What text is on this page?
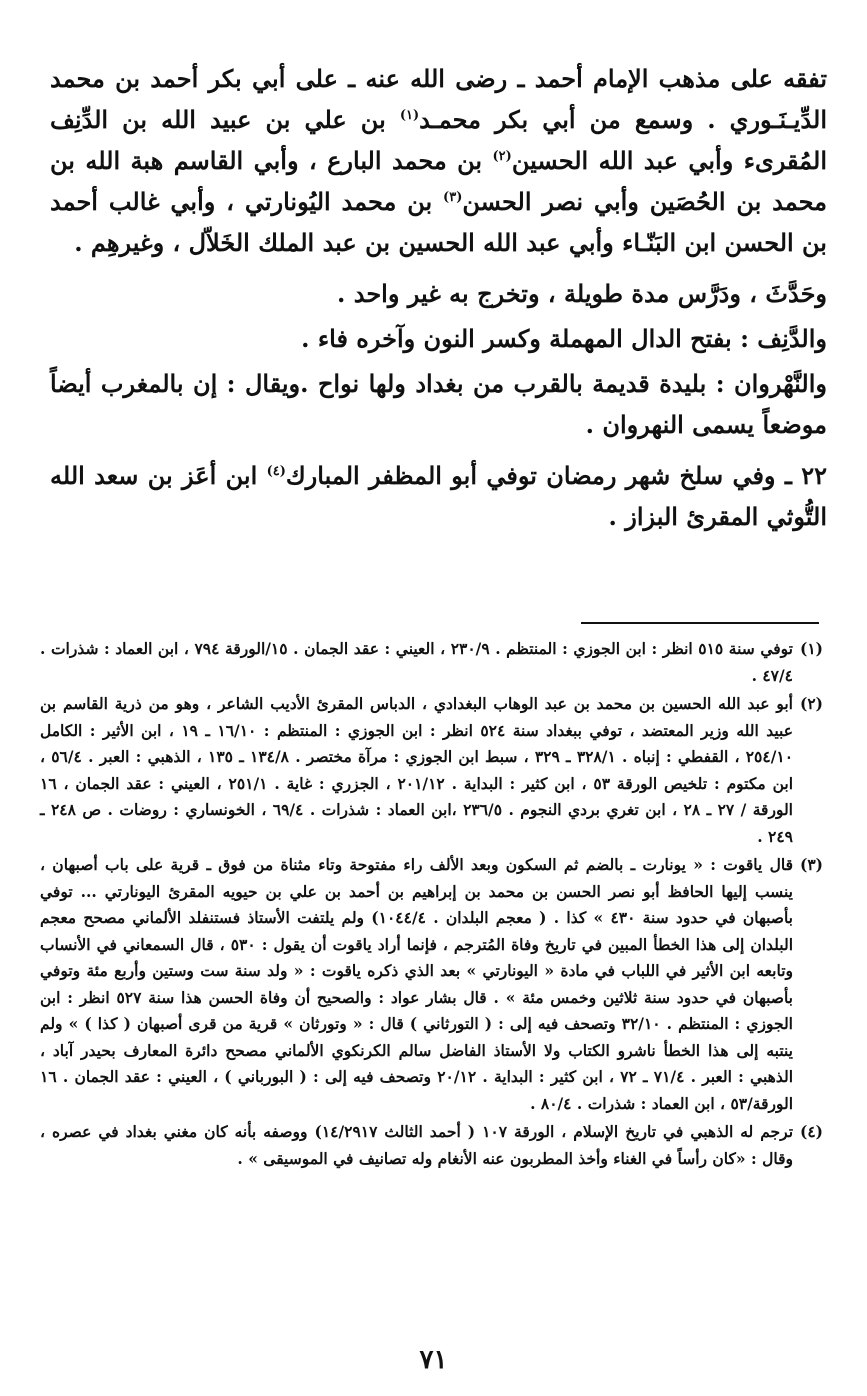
تفقه على مذهب الإمام أحمد ـ رضى الله عنه ـ على أبي بكر أحمد بن محمد الدِّيـنَـوري . وسمع من أبي بكر محمـد$^{(١)}$ بن علي بن عبيد الله بن الدِّنِف المُقرىء وأبي عبد الله الحسين$^{(٢)}$ بن محمد البارع ، وأبي القاسم هبة الله بن محمد بن الحُصَين وأبي نصر الحسن$^{(٣)}$ بن محمد اليُونارتي ، وأبي غالب أحمد بن الحسن ابن البَنّـاء وأبي عبد الله الحسين بن عبد الملك الخَلاّل ، وغيرهِم .

وحَدَّثَ ، ودَرَّس مدة طويلة ، وتخرج به غير واحد .

والدَّنِف : بفتح الدال المهملة وكسر النون وآخره فاء .

والنَّهْروان : بليدة قديمة بالقرب من بغداد ولها نواح .ويقال : إن بالمغرب أيضاً موضعاً يسمى النهروان .

٢٢ ـ وفي سلخ شهر رمضان توفي أبو المظفر المبارك$^{(٤)}$ ابن أعَز بن سعد الله التُّوثي المقرئ البزاز .

(١)
توفي سنة ٥١٥ انظر : ابن الجوزي : المنتظم . ٢٣٠/٩ ، العيني : عقد الجمان . ١٥/الورقة ٧٩٤ ، ابن العماد : شذرات . ٤٧/٤ .
(٢)
أبو عبد الله الحسين بن محمد بن عبد الوهاب البغدادي ، الدباس المقرئ الأديب الشاعر ، وهو من ذرية القاسم بن عبيد الله وزير المعتضد ، توفي ببغداد سنة ٥٢٤ انظر : ابن الجوزي : المنتظم : ١٦/١٠ ـ ١٩ ، ابن الأثير : الكامل ٢٥٤/١٠ ، القفطي : إنباه . ٣٢٨/١ ـ ٣٢٩ ، سبط ابن الجوزي : مرآة مختصر . ١٣٤/٨ ـ ١٣٥ ، الذهبي : العبر . ٥٦/٤ ، ابن مكتوم : تلخيص الورقة ٥٣ ، ابن كثير : البداية . ٢٠١/١٢ ، الجزري : غاية . ٢٥١/١ ، العيني : عقد الجمان ، ١٦ الورقة / ٢٧ ـ ٢٨ ، ابن تغري بردي النجوم . ٢٣٦/٥ ،ابن العماد : شذرات . ٦٩/٤ ، الخونساري : روضات . ص ٢٤٨ ـ ٢٤٩ .
(٣)
قال ياقوت : « يونارت ـ بالضم ثم السكون وبعد الألف راء مفتوحة وتاء مثناة من فوق ـ قرية على باب أصبهان ، ينسب إليها الحافظ أبو نصر الحسن بن محمد بن إبراهيم بن أحمد بن علي بن حيويه المقرئ اليونارتي ... توفي بأصبهان في حدود سنة ٤٣٠ » كذا . ( معجم البلدان . ١٠٤٤/٤) ولم يلتفت الأستاذ فستنفلد الألماني مصحح معجم البلدان إلى هذا الخطأ المبين في تاريخ وفاة المُترجم ، فإنما أراد ياقوت أن يقول : ٥٣٠ ، قال السمعاني في الأنساب وتابعه ابن الأثير في اللباب في مادة « اليونارتي » بعد الذي ذكره ياقوت : « ولد سنة ست وستين وأربع مئة وتوفي بأصبهان في حدود سنة ثلاثين وخمس مئة » . قال بشار عواد : والصحيح أن وفاة الحسن هذا سنة ٥٢٧ انظر : ابن الجوزي : المنتظم . ٣٢/١٠ وتصحف فيه إلى : ( التورثاني ) قال : « وتورثان » قرية من قرى أصبهان ( كذا ) » ولم ينتبه إلى هذا الخطأ ناشرو الكتاب ولا الأستاذ الفاضل سالم الكرنكوي الألماني مصحح دائرة المعارف بحيدر آباد ، الذهبي : العبر . ٧١/٤ ـ ٧٢ ، ابن كثير : البداية . ٢٠/١٢ وتصحف فيه إلى : ( البورباني ) ، العيني : عقد الجمان . ١٦ الورقة/٥٣ ، ابن العماد : شذرات . ٨٠/٤ .
(٤)
ترجم له الذهبي في تاريخ الإسلام ، الورقة ١٠٧ ( أحمد الثالث ١٤/٢٩١٧) ووصفه بأنه كان مغني بغداد في عصره ، وقال : «كان رأساً في الغناء وأخذ المطربون عنه الأنغام وله تصانيف في الموسيقى » .
٧١
